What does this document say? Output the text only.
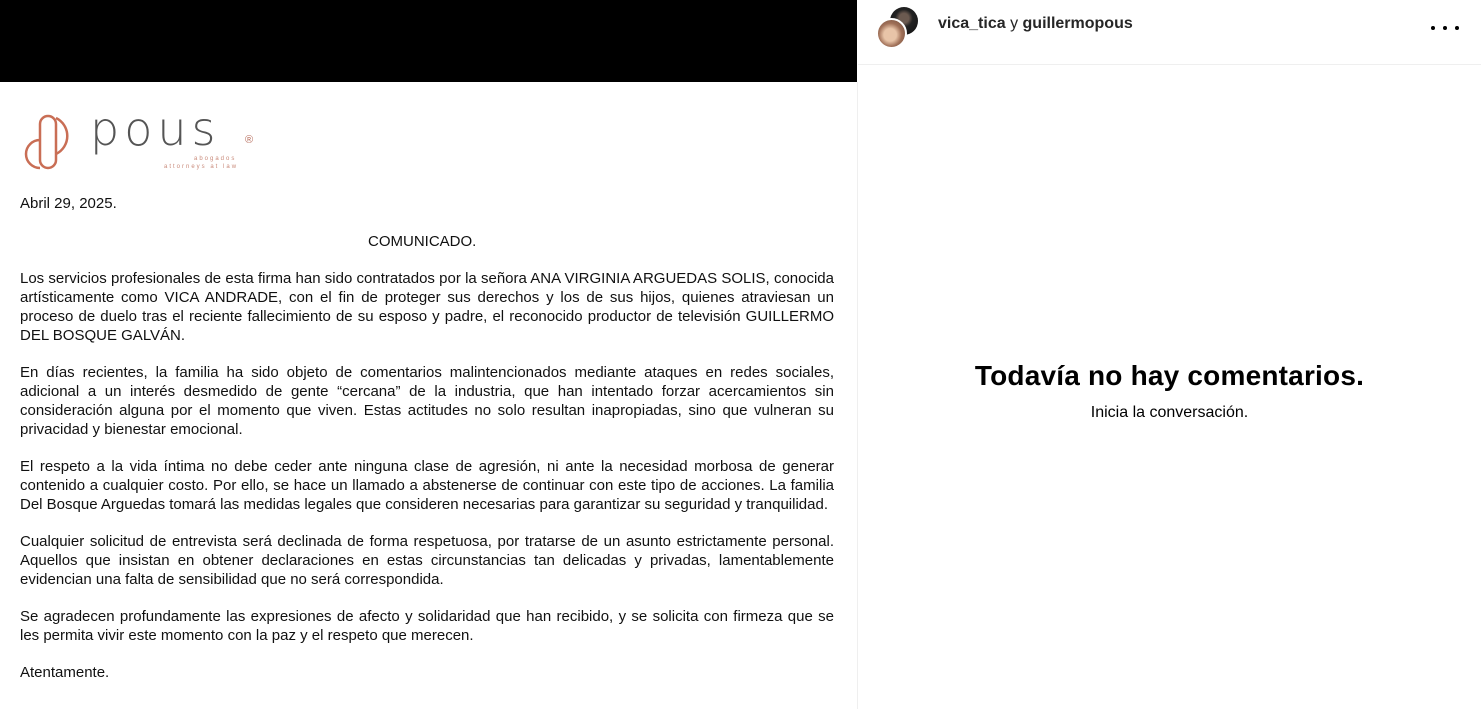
pous ®
abogados
attorneys at law
Abril 29, 2025.
COMUNICADO.

Los servicios profesionales de esta firma han sido contratados por la señora ANA VIRGINIA ARGUEDAS SOLIS, conocida artísticamente como VICA ANDRADE, con el fin de proteger sus derechos y los de sus hijos, quienes atraviesan un proceso de duelo tras el reciente fallecimiento de su esposo y padre, el reconocido productor de televisión GUILLERMO DEL BOSQUE GALVÁN.

En días recientes, la familia ha sido objeto de comentarios malintencionados mediante ataques en redes sociales, adicional a un interés desmedido de gente “cercana” de la industria, que han intentado forzar acercamientos sin consideración alguna por el momento que viven. Estas actitudes no solo resultan inapropiadas, sino que vulneran su privacidad y bienestar emocional.

El respeto a la vida íntima no debe ceder ante ninguna clase de agresión, ni ante la necesidad morbosa de generar contenido a cualquier costo. Por ello, se hace un llamado a abstenerse de continuar con este tipo de acciones. La familia Del Bosque Arguedas tomará las medidas legales que consideren necesarias para garantizar su seguridad y tranquilidad.

Cualquier solicitud de entrevista será declinada de forma respetuosa, por tratarse de un asunto estrictamente personal. Aquellos que insistan en obtener declaraciones en estas circunstancias tan delicadas y privadas, lamentablemente evidencian una falta de sensibilidad que no será correspondida.

Se agradecen profundamente las expresiones de afecto y solidaridad que han recibido, y se solicita con firmeza que se les permita vivir este momento con la paz y el respeto que merecen.

Atentamente.
vica_tica y guillermopous
Todavía no hay comentarios.
Inicia la conversación.
